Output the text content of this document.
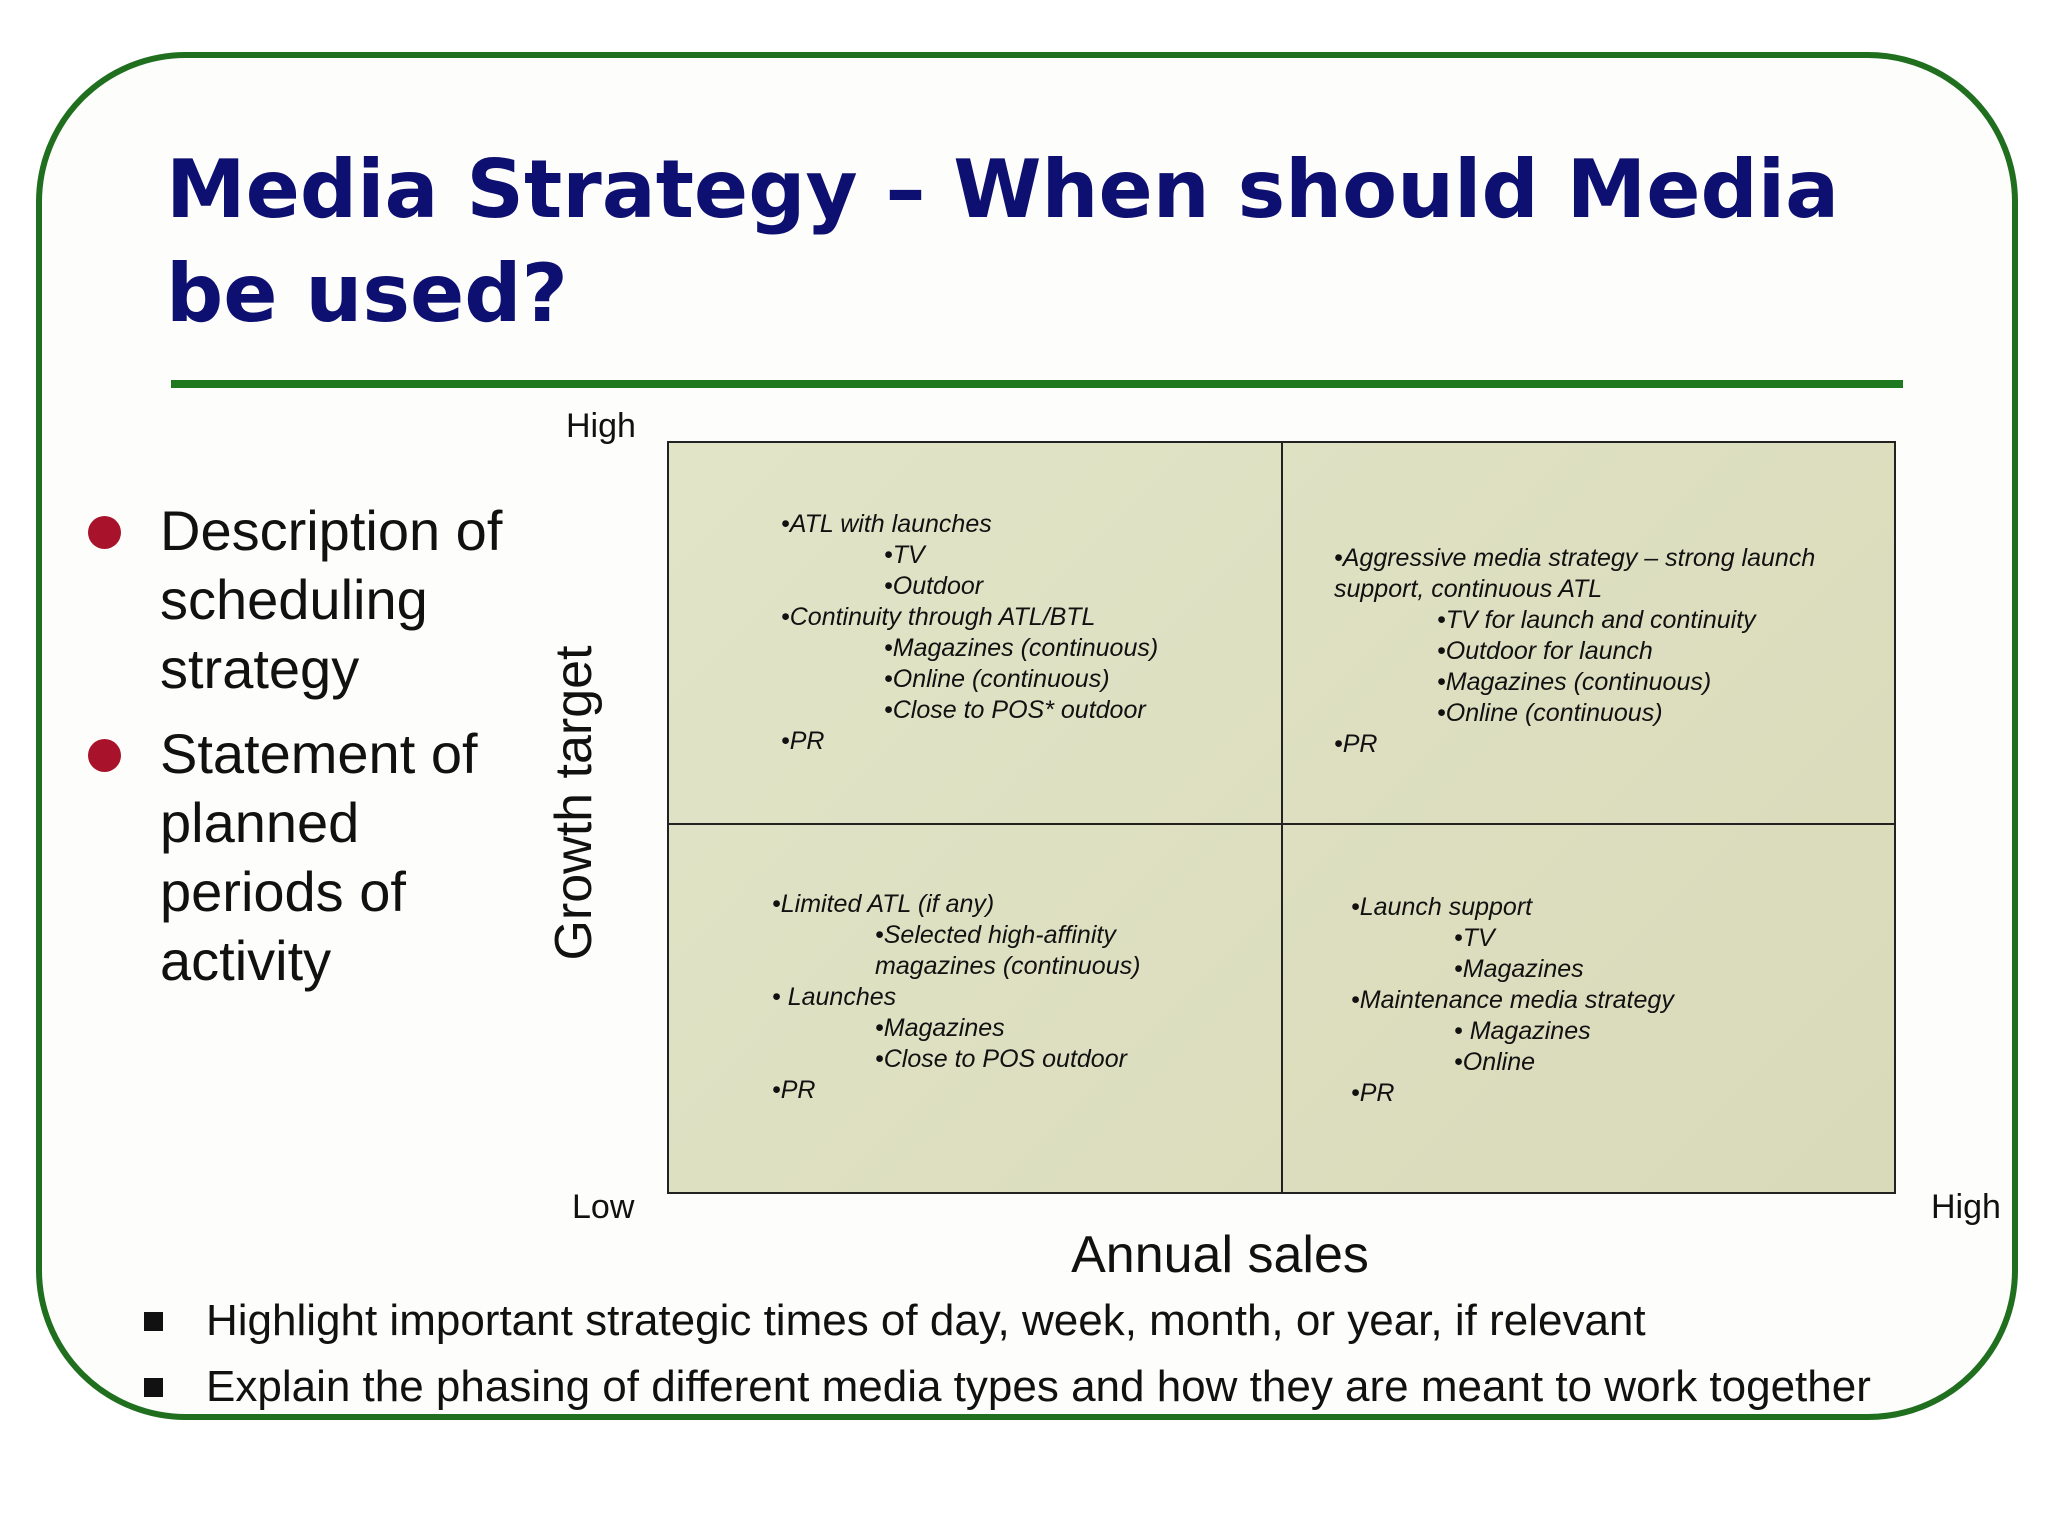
Media Strategy – When should Media be used?
Description of scheduling strategy
Statement of planned periods of activity
High
Low	High
Growth target
Annual sales
•ATL with launches
•TV
•Outdoor
•Continuity through ATL/BTL
•Magazines (continuous)
•Online (continuous)
•Close to POS* outdoor
•PR
•Aggressive media strategy – strong launch
support, continuous ATL
•TV for launch and continuity
•Outdoor for launch
•Magazines (continuous)
•Online (continuous)
•PR
•Limited ATL (if any)
•Selected high-affinity
magazines (continuous)
• Launches
•Magazines
•Close to POS outdoor
•PR
•Launch support
•TV
•Magazines
•Maintenance media strategy
• Magazines
•Online
•PR
Highlight important strategic times of day, week, month, or year, if relevant
Explain the phasing of different media types and how they are meant to work together
